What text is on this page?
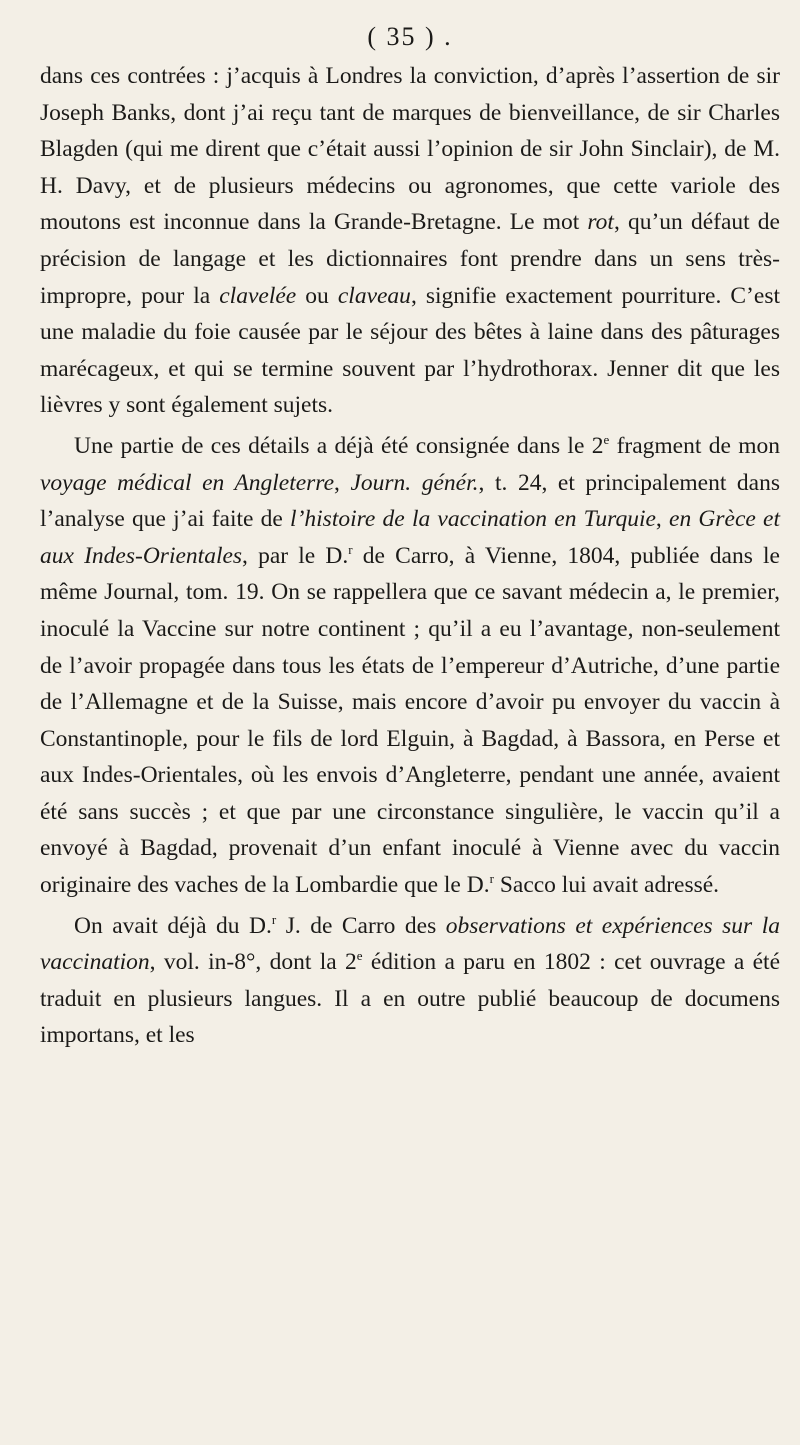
( 35 ) .

dans ces contrées : j’acquis à Londres la conviction, d’après l’assertion de sir Joseph Banks, dont j’ai reçu tant de marques de bienveillance, de sir Charles Blagden (qui me dirent que c’était aussi l’opinion de sir John Sinclair), de M. H. Davy, et de plusieurs médecins ou agronomes, que cette variole des moutons est inconnue dans la Grande-Bretagne. Le mot rot, qu’un défaut de précision de langage et les dictionnaires font prendre dans un sens très-impropre, pour la clavelée ou claveau, signifie exactement pourriture. C’est une maladie du foie causée par le séjour des bêtes à laine dans des pâturages marécageux, et qui se termine souvent par l’hydrothorax. Jenner dit que les lièvres y sont également sujets.

Une partie de ces détails a déjà été consignée dans le 2e fragment de mon voyage médical en Angleterre, Journ. génér., t. 24, et principalement dans l’analyse que j’ai faite de l’histoire de la vaccination en Turquie, en Grèce et aux Indes-Orientales, par le D.$^r$ de Carro, à Vienne, 1804, publiée dans le même Journal, tom. 19. On se rappellera que ce savant médecin a, le premier, inoculé la Vaccine sur notre continent ; qu’il a eu l’avantage, non-seulement de l’avoir propagée dans tous les états de l’empereur d’Autriche, d’une partie de l’Allemagne et de la Suisse, mais encore d’avoir pu envoyer du vaccin à Constantinople, pour le fils de lord Elguin, à Bagdad, à Bassora, en Perse et aux Indes-Orientales, où les envois d’Angleterre, pendant une année, avaient été sans succès ; et que par une circonstance singulière, le vaccin qu’il a envoyé à Bagdad, provenait d’un enfant inoculé à Vienne avec du vaccin originaire des vaches de la Lombardie que le D.$^r$ Sacco lui avait adressé.

On avait déjà du D.$^r$ J. de Carro des observations et expériences sur la vaccination, vol. in-8°, dont la 2e édition a paru en 1802 : cet ouvrage a été traduit en plusieurs langues. Il a en outre publié beaucoup de documens importans, et les
